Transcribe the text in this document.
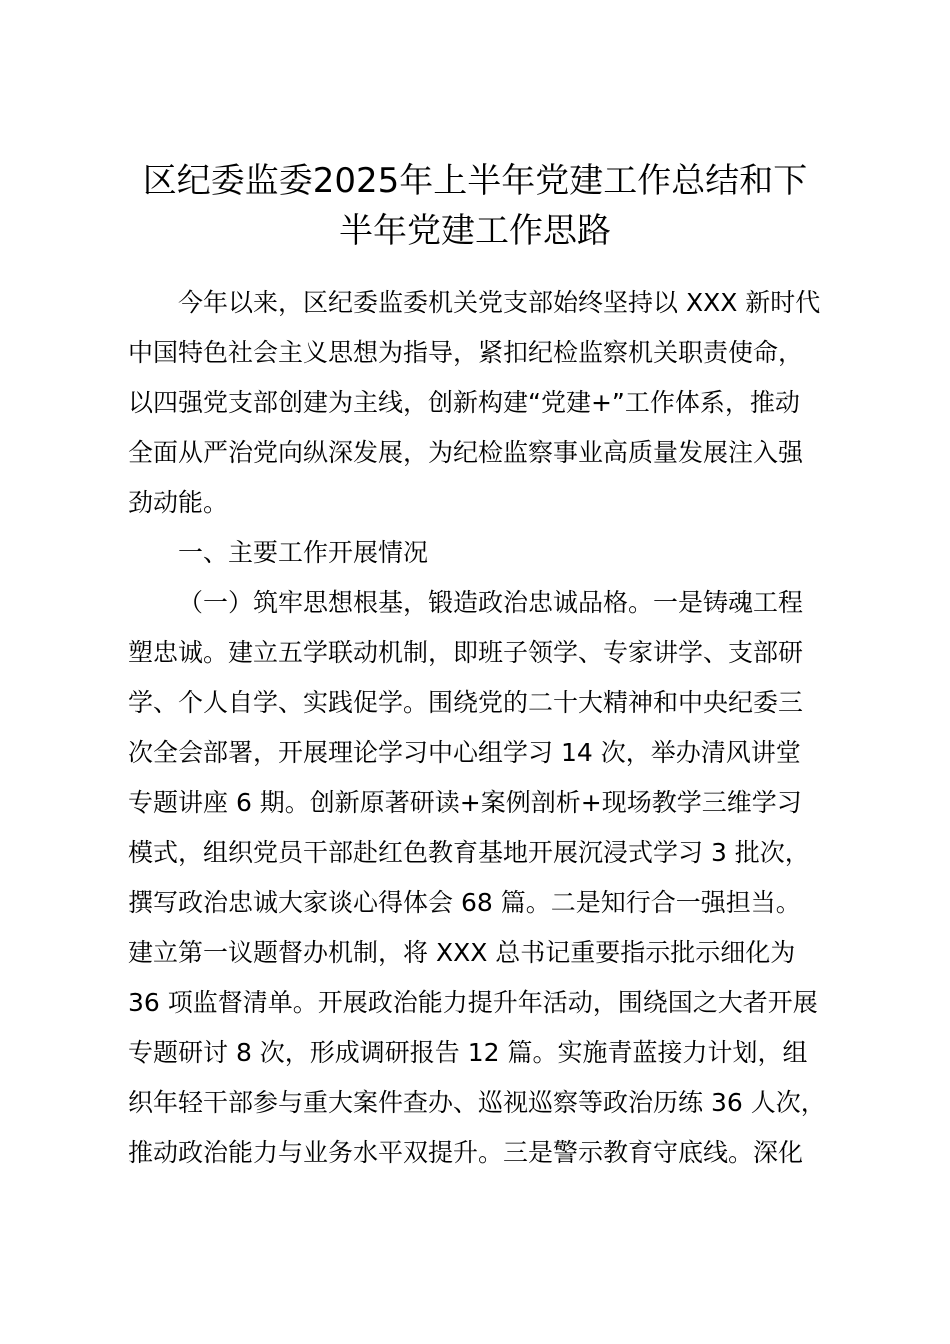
区纪委监委2025年上半年党建工作总结和下
半年党建工作思路

今年以来，区纪委监委机关党支部始终坚持以 XXX 新时代

中国特色社会主义思想为指导，紧扣纪检监察机关职责使命，

以四强党支部创建为主线，创新构建“党建+”工作体系，推动

全面从严治党向纵深发展，为纪检监察事业高质量发展注入强

劲动能。

一、主要工作开展情况

（一）筑牢思想根基，锻造政治忠诚品格。一是铸魂工程

塑忠诚。建立五学联动机制，即班子领学、专家讲学、支部研

学、个人自学、实践促学。围绕党的二十大精神和中央纪委三

次全会部署，开展理论学习中心组学习 14 次，举办清风讲堂

专题讲座 6 期。创新原著研读+案例剖析+现场教学三维学习

模式，组织党员干部赴红色教育基地开展沉浸式学习 3 批次，

撰写政治忠诚大家谈心得体会 68 篇。二是知行合一强担当。

建立第一议题督办机制，将 XXX 总书记重要指示批示细化为

36 项监督清单。开展政治能力提升年活动，围绕国之大者开展

专题研讨 8 次，形成调研报告 12 篇。实施青蓝接力计划，组

织年轻干部参与重大案件查办、巡视巡察等政治历练 36 人次，

推动政治能力与业务水平双提升。三是警示教育守底线。深化
